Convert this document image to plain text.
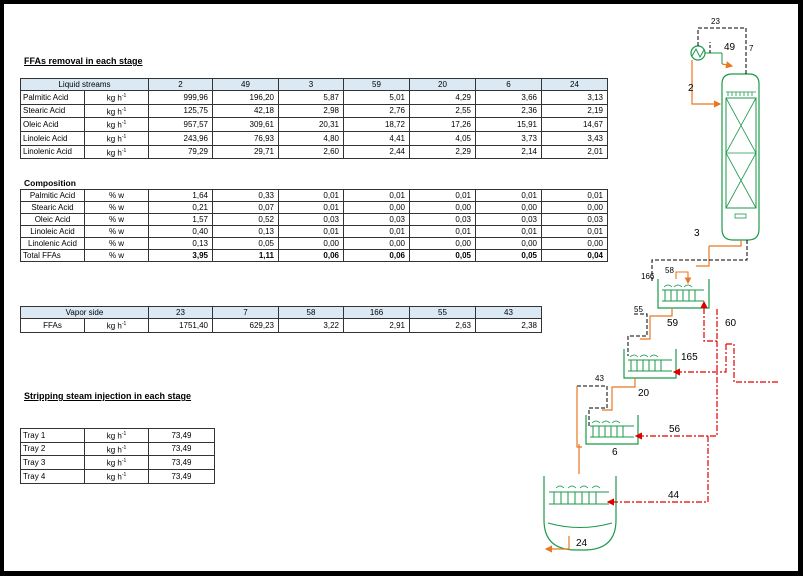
FFAs removal in each stage
Liquid streams		2	49	3	59	20	6	24
Palmitic Acid	kg $h^{-1}$	999,96	196,20	5,87	5,01	4,29	3,66	3,13
Stearic Acid	kg $h^{-1}$	125,75	42,18	2,98	2,76	2,55	2,36	2,19
Oleic Acid	kg $h^{-1}$	957,57	309,61	20,31	18,72	17,26	15,91	14,67
Linoleic Acid	kg $h^{-1}$	243,96	76,93	4,80	4,41	4,05	3,73	3,43
Linolenic Acid	kg $h^{-1}$	79,29	29,71	2,60	2,44	2,29	2,14	2,01
Composition
Palmitic Acid	% w	1,64	0,33	0,01	0,01	0,01	0,01	0,01
Stearic Acid	% w	0,21	0,07	0,01	0,00	0,00	0,00	0,00
Oleic Acid	% w	1,57	0,52	0,03	0,03	0,03	0,03	0,03
Linoleic Acid	% w	0,40	0,13	0,01	0,01	0,01	0,01	0,01
Linolenic Acid	% w	0,13	0,05	0,00	0,00	0,00	0,00	0,00
Total FFAs	% w	3,95	1,11	0,06	0,06	0,05	0,05	0,04
Vapor side		23	7	58	166	55	43
FFAs	kg $h^{-1}$	1751,40	629,23	3,22	2,91	2,63	2,38
Stripping steam injection in each stage
Tray 1	kg $h^{-1}$	73,49
Tray 2	kg $h^{-1}$	73,49
Tray 3	kg $h^{-1}$	73,49
Tray 4	kg $h^{-1}$	73,49
23
49 7
2
3
166
58
55
59	60
165
43
20
56
6
44
24
